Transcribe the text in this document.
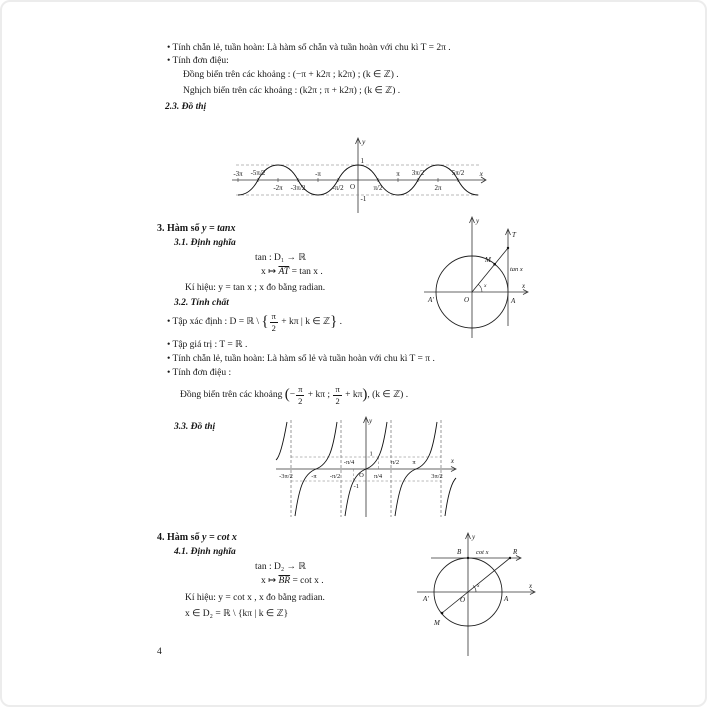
• Tính chẵn lẻ, tuần hoàn: Là hàm số chẵn và tuần hoàn với chu kì T = 2π .
• Tính đơn điệu:
Đồng biến trên các khoảng : (−π + k2π ; k2π) ; (k ∈ ℤ) .
Nghịch biến trên các khoảng : (k2π ; π + k2π) ; (k ∈ ℤ) .
2.3. Đồ thị
-3π -5π/2
-2π -3π/2
-π
-π/2	π/2
π 3π/2
2π
5π/2
O
1
-1
y
x
3. Hàm số y = tanx
3.1. Định nghĩa
tan : D₁ → ℝ
x ↦ $\overline{AT} = \tan x$ .
Kí hiệu: y = tan x ; x đo bằng radian.
3.2. Tính chất
• Tập xác định : D = ℝ \ { $\frac{\pi}{2} + k\pi$ | k ∈ ℤ} .
• Tập giá trị : T = ℝ .
• Tính chẵn lẻ, tuần hoàn: Là hàm số lẻ và tuần hoàn với chu kì T = π .
• Tính đơn điệu :
Đồng biến trên các khoảng (− $\frac{\pi}{2} + k\pi$ ; $\frac{\pi}{2} + k\pi$), (k ∈ ℤ) .
3.3. Đồ thị
y
x
T
M
tan x
A'	A
O
x
-3π/2	-π -π/2
-π/4
O π/4
π/2 π
3π/2
1
-1
y
x
4. Hàm số y = cot x
4.1. Định nghĩa
tan : D₂ → ℝ
x ↦ $\overline{BR} = \cot x$ .
Kí hiệu: y = cot x , x đo bằng radian.
x ∈ D₂ = ℝ \ {kπ | k ∈ ℤ}
y
x
B cot x	R
A'	A
O
x
M
4
